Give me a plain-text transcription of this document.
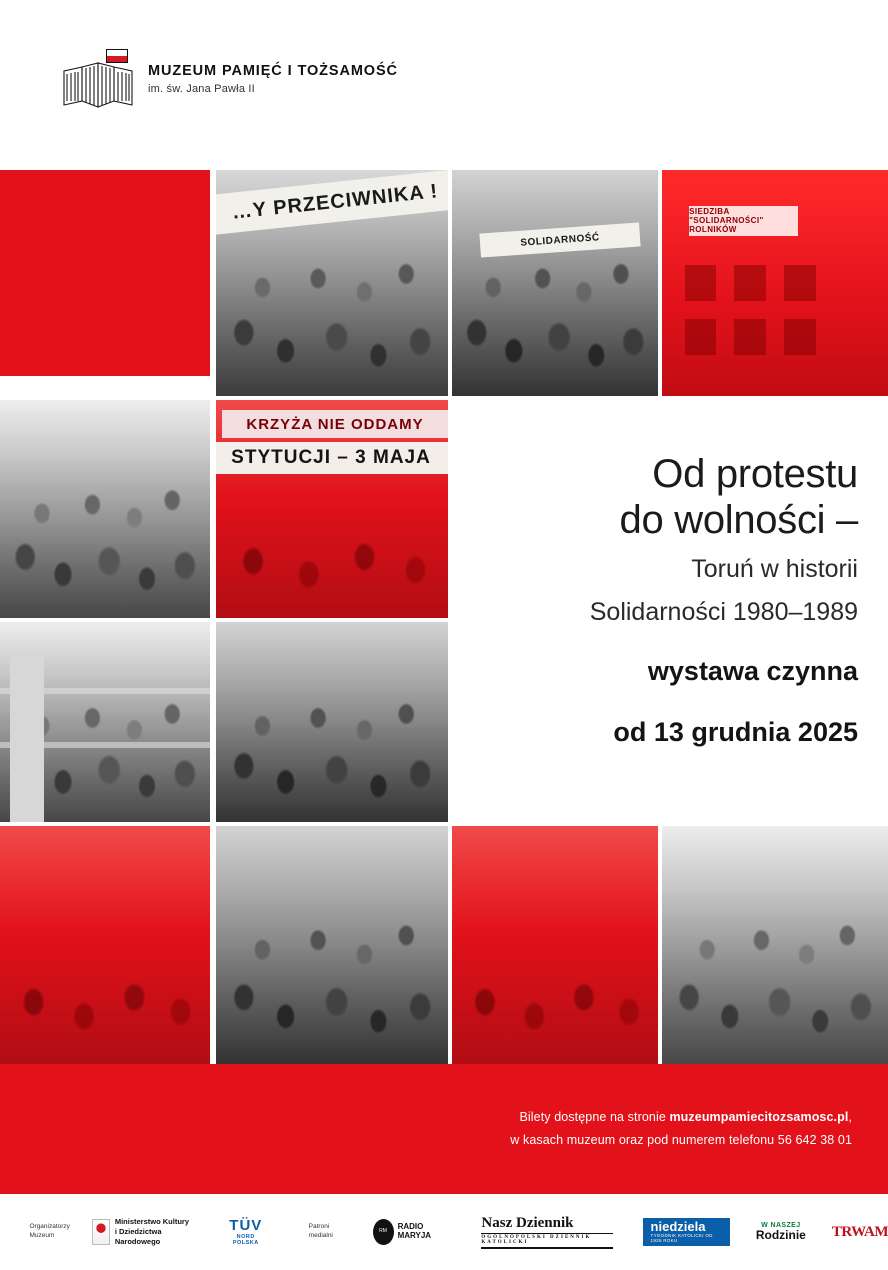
MUZEUM PAMIĘĆ I TOŻSAMOŚĆ
im. św. Jana Pawła II
…Y PRZECIWNIKA !
SOLIDARNOŚĆ
SIEDZIBA "SOLIDARNOŚCI" ROLNIKÓW
KRZYŻA NIE ODDAMY
STYTUCJI – 3 MAJA	Od protestu
do wolności –
Toruń w historii
Solidarności 1980–1989
wystawa czynna
od 13 grudnia 2025
Bilety dostępne na stronie muzeumpamiecitozsamosc.pl,
w kasach muzeum oraz pod numerem telefonu 56 642 38 01
Organizatorzy
Muzeum
Ministerstwo Kultury
i Dziedzictwa Narodowego
TÜV
NORD POLSKA
Patroni medialni
RM
RADIO MARYJA
Nasz Dziennik
OGÓLNOPOLSKI DZIENNIK KATOLICKI
niedziela
TYGODNIK KATOLICKI OD 1926 ROKU
W NASZEJ
Rodzinie TRWAM
